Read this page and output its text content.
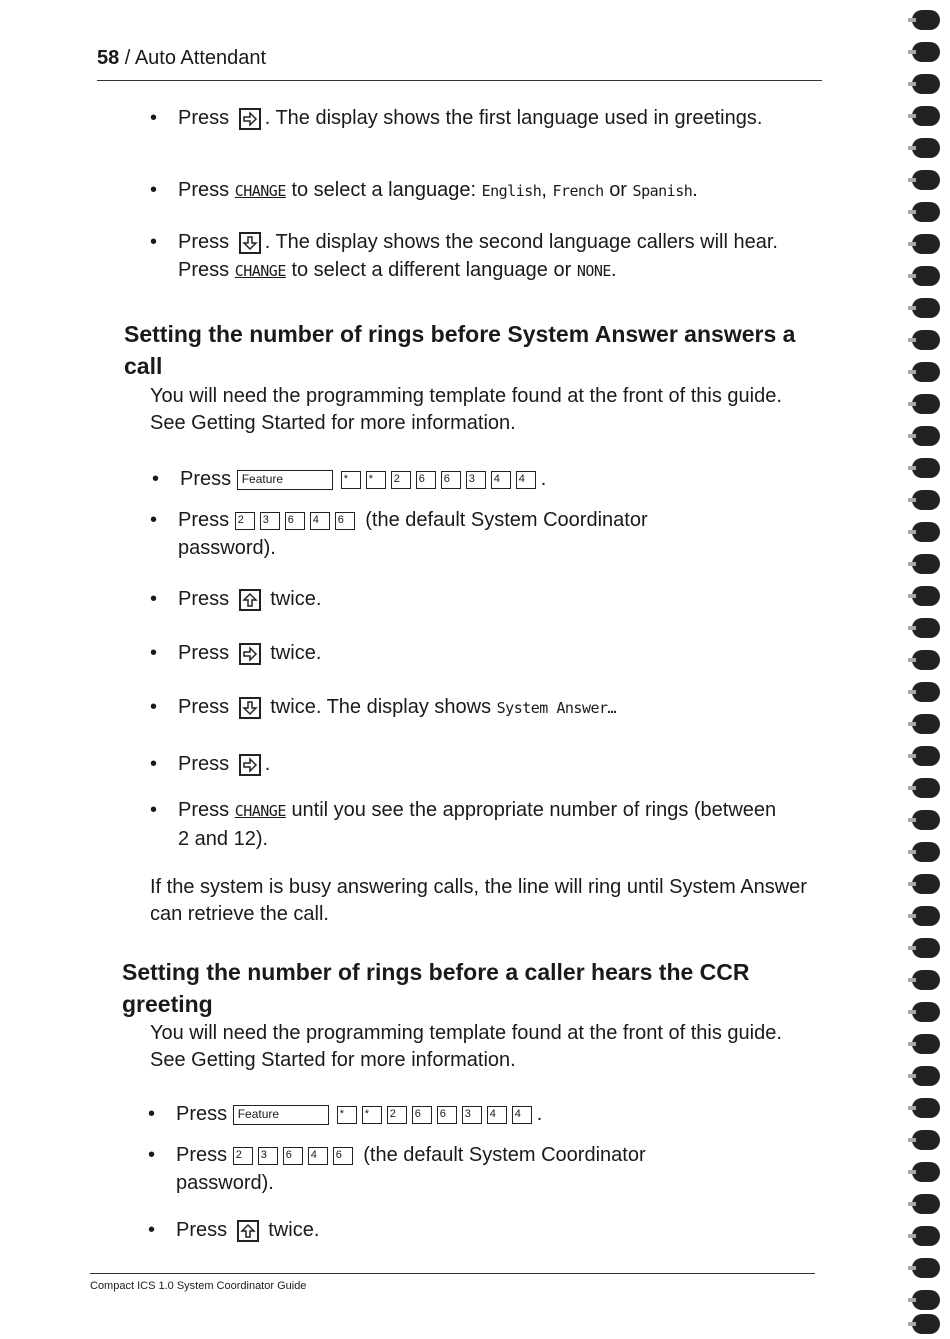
58 / Auto Attendant
• Press . The display shows the first language used in greetings.
• Press CHANGE to select a language: English, French or Spanish.
• Press . The display shows the second language callers will hear. Press CHANGE to select a different language or NONE.
Setting the number of rings before System Answer answers a call
You will need the programming template found at the front of this guide. See Getting Started for more information.
• Press Feature	* * 2 6 6 3 4 4 .
• Press 2 3 6 4 6 (the default System Coordinator password).
• Press twice.
• Press twice.
• Press twice. The display shows System Answer…
• Press .
• Press CHANGE until you see the appropriate number of rings (between 2 and 12).
If the system is busy answering calls, the line will ring until System Answer can retrieve the call.
Setting the number of rings before a caller hears the CCR greeting
You will need the programming template found at the front of this guide. See Getting Started for more information.
• Press Feature	* * 2 6 6 3 4 4 .
• Press 2 3 6 4 6 (the default System Coordinator password).
• Press twice.
Compact ICS 1.0 System Coordinator Guide
